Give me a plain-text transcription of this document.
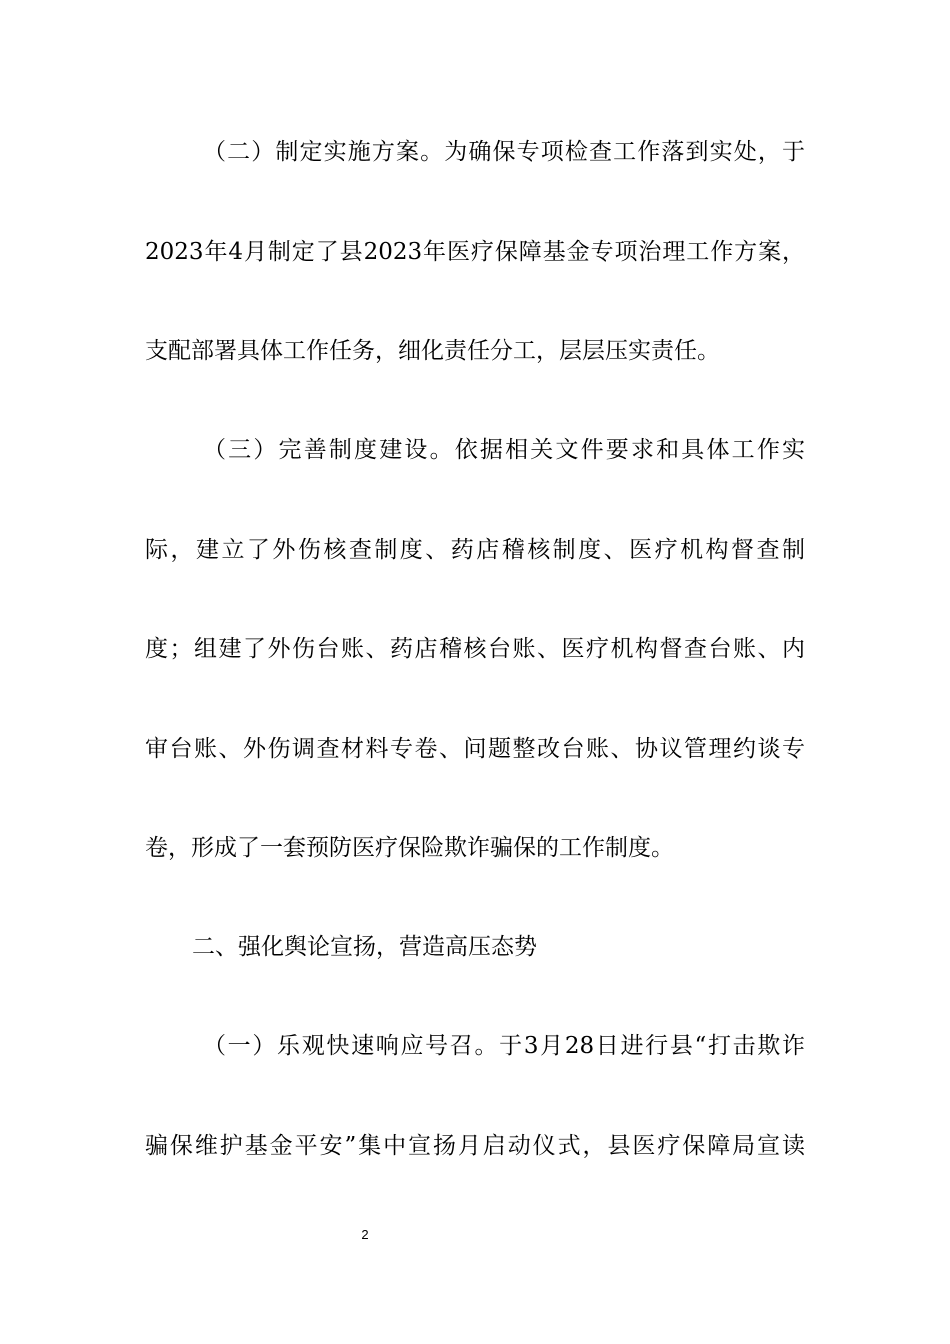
（二）制定实施方案。为确保专项检查工作落到实处，于
2023年4月制定了县2023年医疗保障基金专项治理工作方案，
支配部署具体工作任务，细化责任分工，层层压实责任。
（三）完善制度建设。依据相关文件要求和具体工作实
际，建立了外伤核查制度、药店稽核制度、医疗机构督查制
度；组建了外伤台账、药店稽核台账、医疗机构督查台账、内
审台账、外伤调查材料专卷、问题整改台账、协议管理约谈专
卷，形成了一套预防医疗保险欺诈骗保的工作制度。
二、强化舆论宣扬，营造高压态势
（一）乐观快速响应号召。于3月28日进行县“打击欺诈
骗保维护基金平安”集中宣扬月启动仪式，县医疗保障局宣读
2
